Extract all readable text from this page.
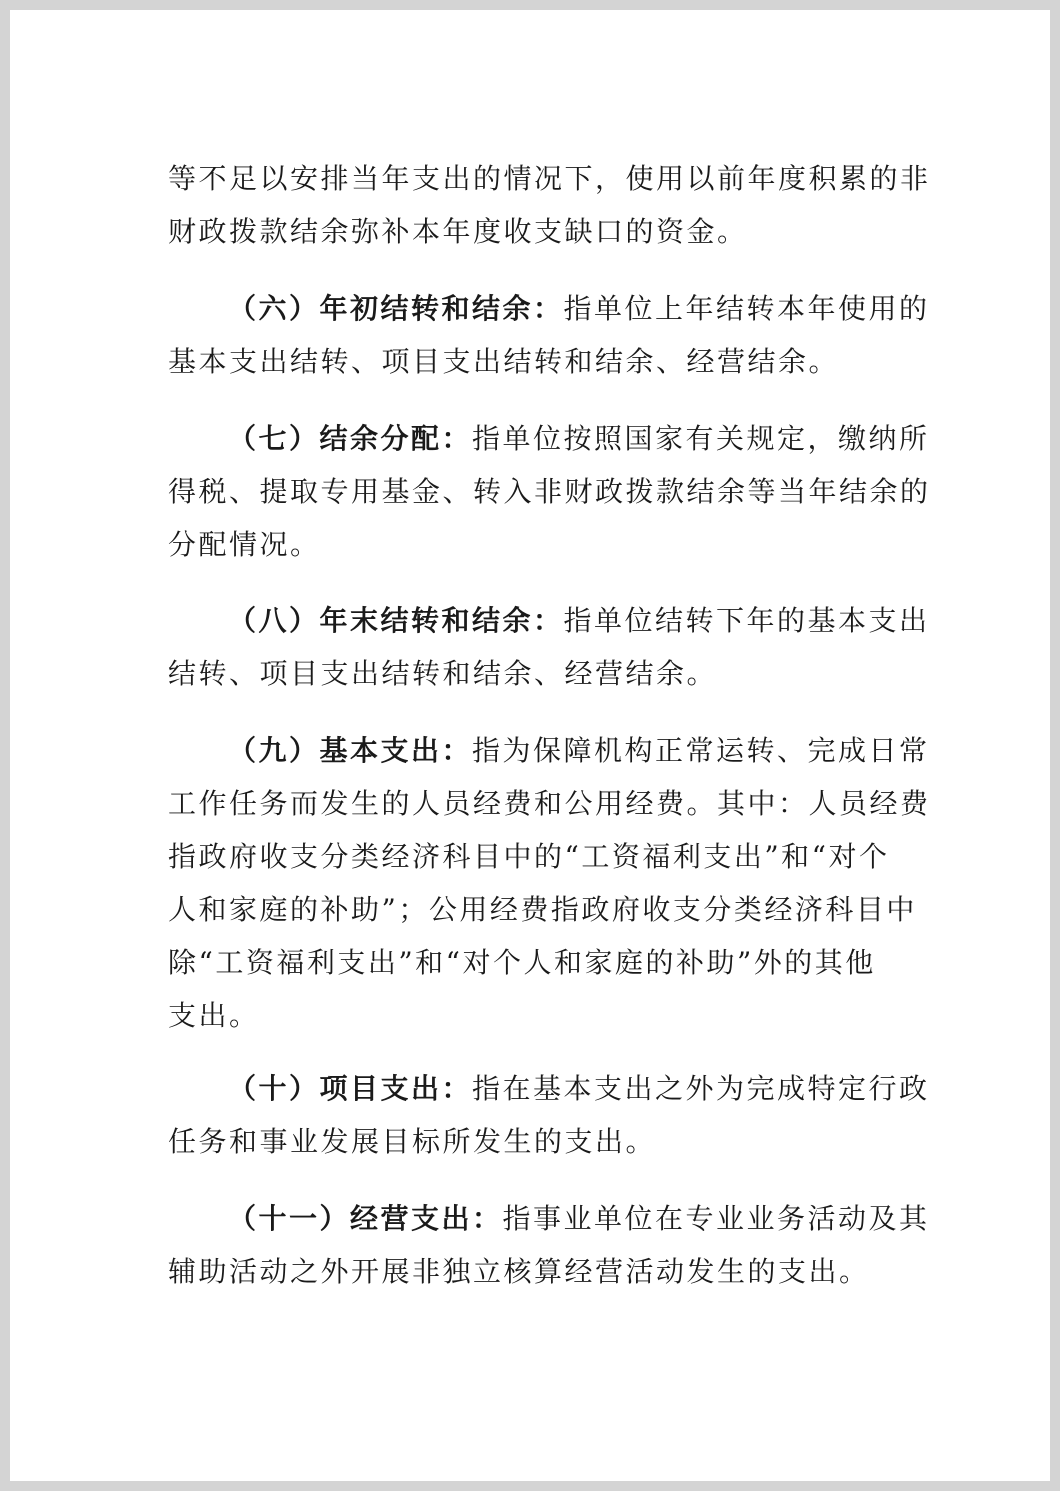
等不足以安排当年支出的情况下，使用以前年度积累的非
财政拨款结余弥补本年度收支缺口的资金。
（六）年初结转和结余：指单位上年结转本年使用的
基本支出结转、项目支出结转和结余、经营结余。
（七）结余分配：指单位按照国家有关规定，缴纳所
得税、提取专用基金、转入非财政拨款结余等当年结余的
分配情况。
（八）年末结转和结余：指单位结转下年的基本支出
结转、项目支出结转和结余、经营结余。
（九）基本支出：指为保障机构正常运转、完成日常
工作任务而发生的人员经费和公用经费。其中：人员经费
指政府收支分类经济科目中的“工资福利支出”和“对个
人和家庭的补助”；公用经费指政府收支分类经济科目中
除“工资福利支出”和“对个人和家庭的补助”外的其他
支出。
（十）项目支出：指在基本支出之外为完成特定行政
任务和事业发展目标所发生的支出。
（十一）经营支出：指事业单位在专业业务活动及其
辅助活动之外开展非独立核算经营活动发生的支出。
